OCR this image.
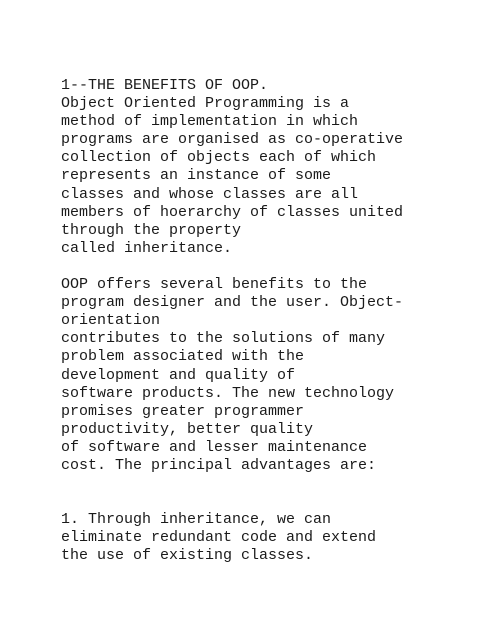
1--THE BENEFITS OF OOP.
Object Oriented Programming is a
method of implementation in which
programs are organised as co-operative
collection of objects each of which
represents an instance of some
classes and whose classes are all
members of hoerarchy of classes united
through the property
called inheritance.
OOP offers several benefits to the
program designer and the user. Object-
orientation
contributes to the solutions of many
problem associated with the
development and quality of
software products. The new technology
promises greater programmer
productivity, better quality
of software and lesser maintenance
cost. The principal advantages are:
1. Through inheritance, we can
eliminate redundant code and extend
the use of existing classes.
